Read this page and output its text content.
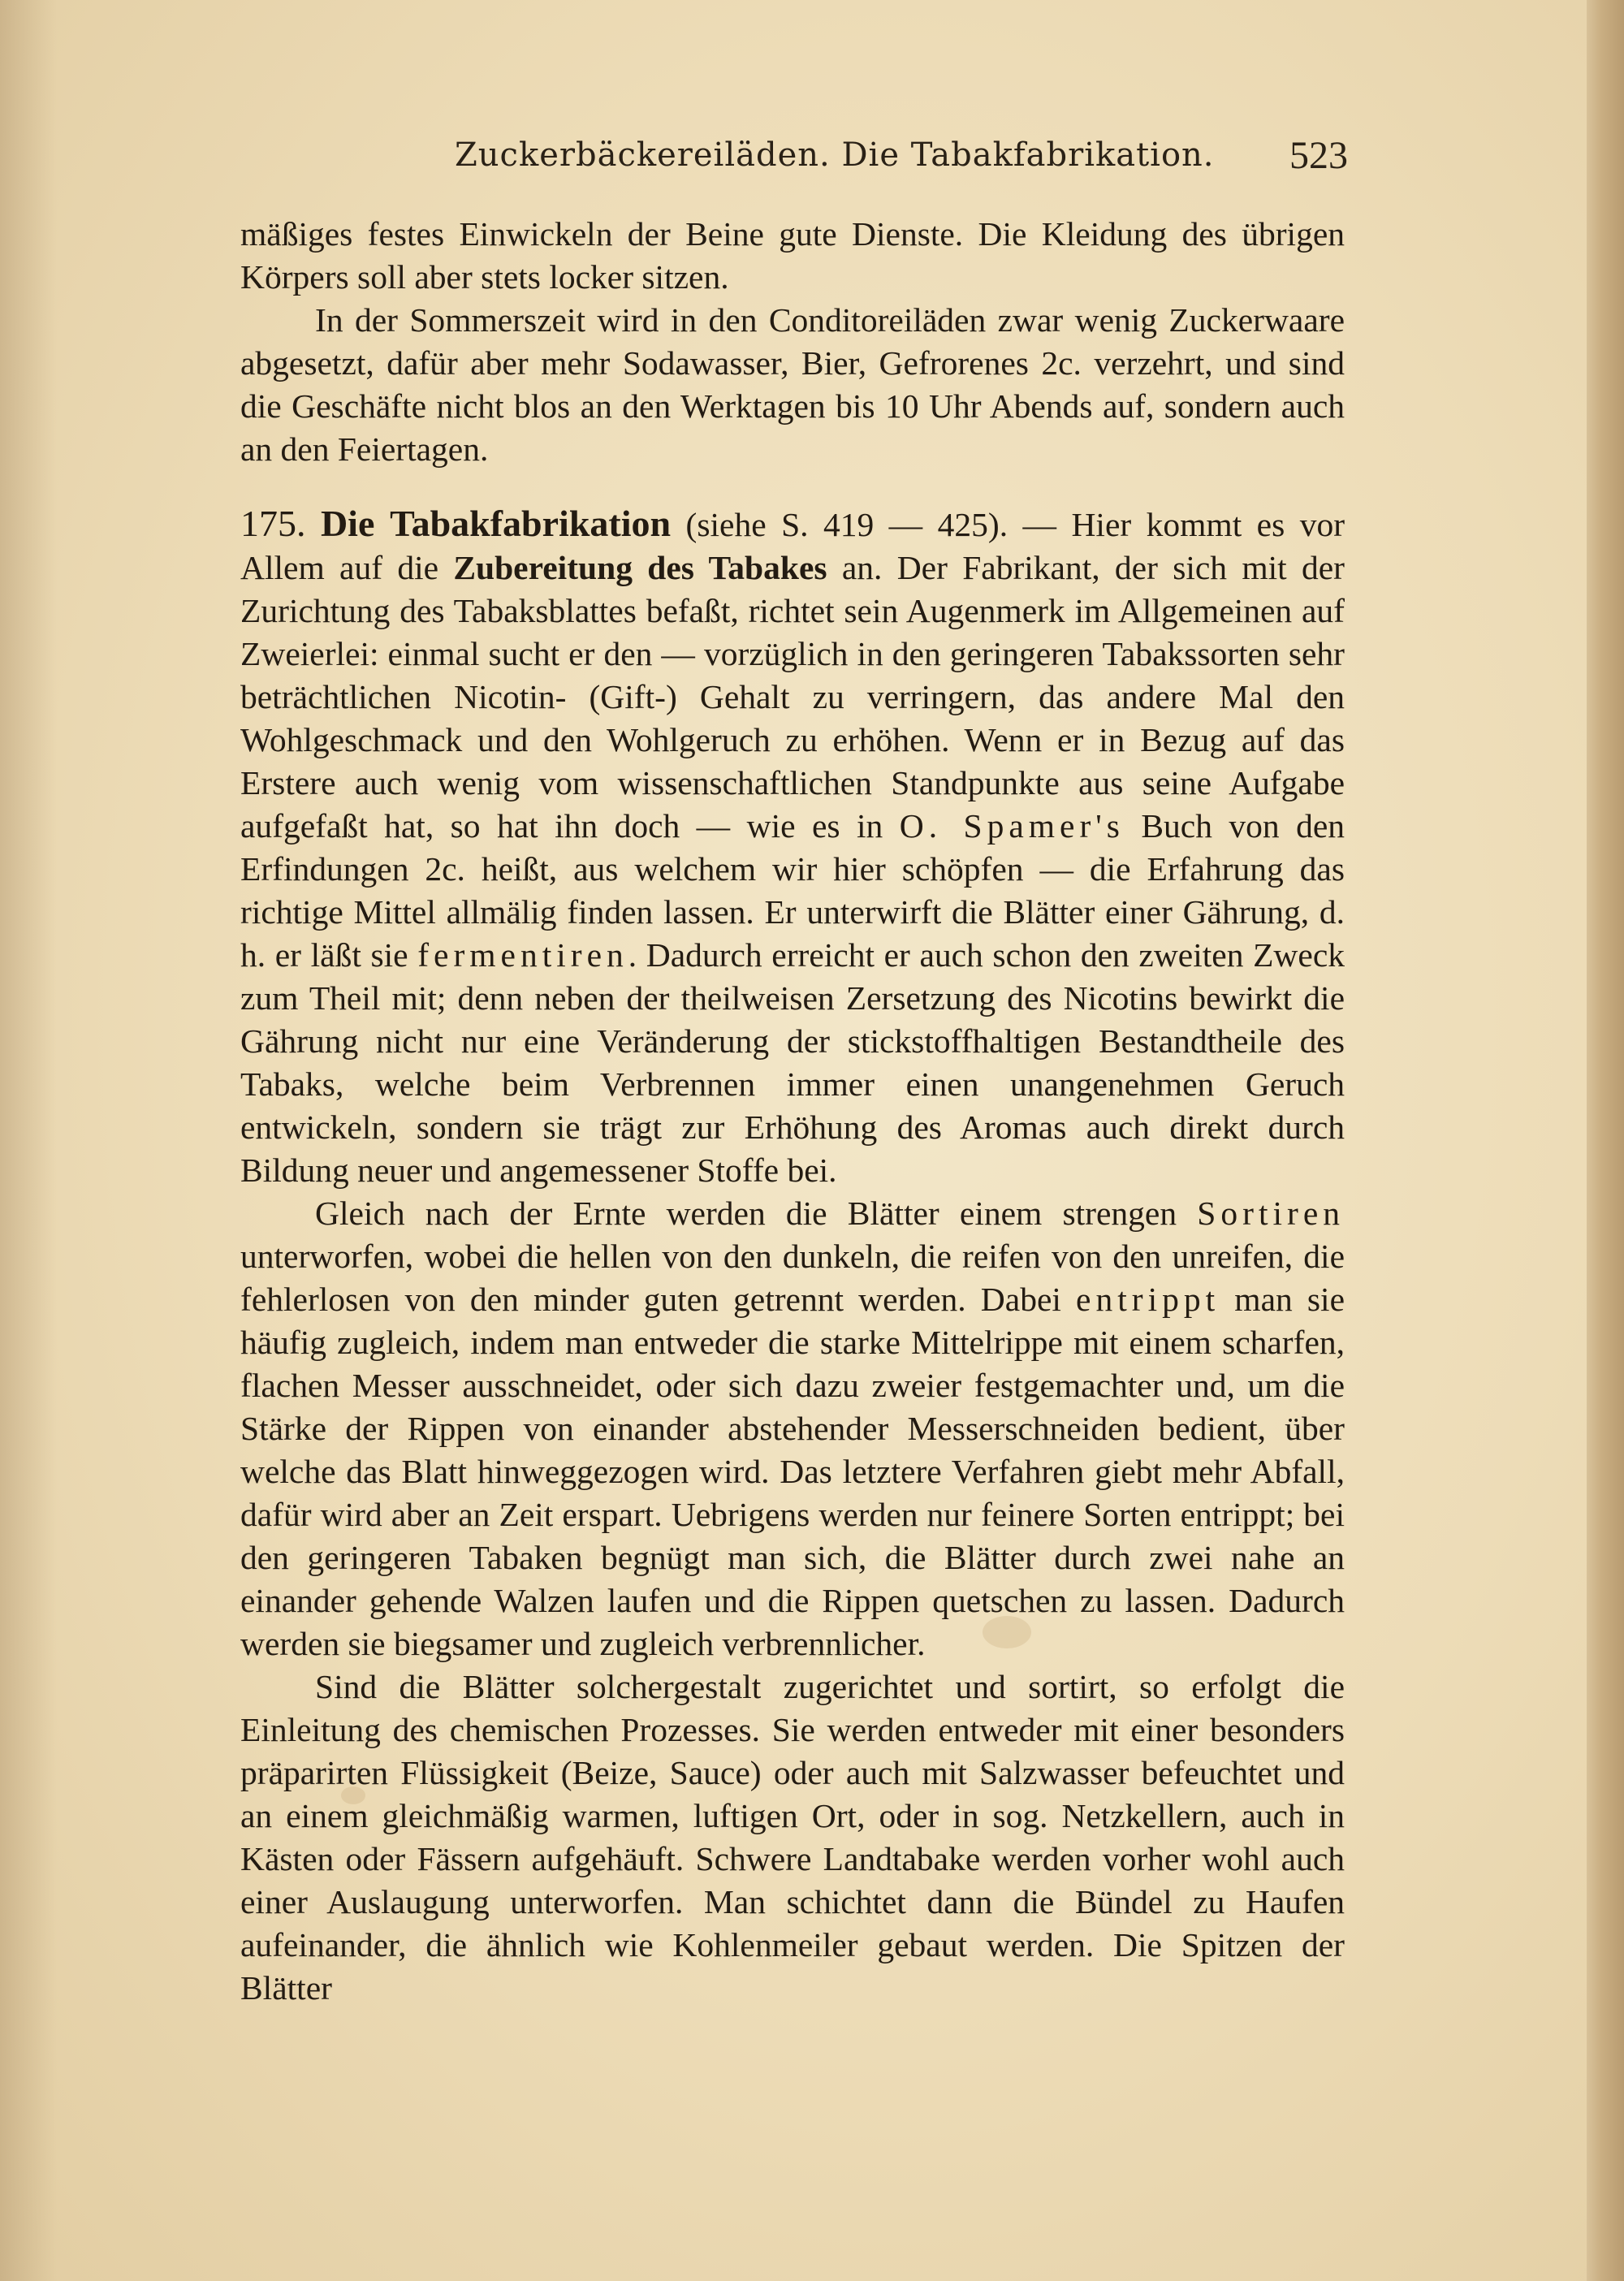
Zuckerbäckereiläden. Die Tabakfabrikation. 523

mäßiges festes Einwickeln der Beine gute Dienste. Die Kleidung des übrigen Körpers soll aber stets locker sitzen.

In der Sommerszeit wird in den Conditoreiläden zwar wenig Zuckerwaare abgesetzt, dafür aber mehr Sodawasser, Bier, Gefrorenes 2c. verzehrt, und sind die Geschäfte nicht blos an den Werktagen bis 10 Uhr Abends auf, sondern auch an den Feiertagen.

175. Die Tabakfabrikation (siehe S. 419 — 425). — Hier kommt es vor Allem auf die Zubereitung des Tabakes an. Der Fabrikant, der sich mit der Zurichtung des Tabaksblattes befaßt, richtet sein Augenmerk im Allgemeinen auf Zweierlei: einmal sucht er den — vorzüglich in den geringeren Tabakssorten sehr beträchtlichen Nicotin- (Gift-) Gehalt zu verringern, das andere Mal den Wohlgeschmack und den Wohlgeruch zu erhöhen. Wenn er in Bezug auf das Erstere auch wenig vom wissenschaftlichen Standpunkte aus seine Aufgabe aufgefaßt hat, so hat ihn doch — wie es in O. Spamer's Buch von den Erfindungen 2c. heißt, aus welchem wir hier schöpfen — die Erfahrung das richtige Mittel allmälig finden lassen. Er unterwirft die Blätter einer Gährung, d. h. er läßt sie fermentiren. Dadurch erreicht er auch schon den zweiten Zweck zum Theil mit; denn neben der theilweisen Zersetzung des Nicotins bewirkt die Gährung nicht nur eine Veränderung der stickstoffhaltigen Bestandtheile des Tabaks, welche beim Verbrennen immer einen unangenehmen Geruch entwickeln, sondern sie trägt zur Erhöhung des Aromas auch direkt durch Bildung neuer und angemessener Stoffe bei.

Gleich nach der Ernte werden die Blätter einem strengen Sortiren unterworfen, wobei die hellen von den dunkeln, die reifen von den unreifen, die fehlerlosen von den minder guten getrennt werden. Dabei entrippt man sie häufig zugleich, indem man entweder die starke Mittelrippe mit einem scharfen, flachen Messer ausschneidet, oder sich dazu zweier festgemachter und, um die Stärke der Rippen von einander abstehender Messerschneiden bedient, über welche das Blatt hinweggezogen wird. Das letztere Verfahren giebt mehr Abfall, dafür wird aber an Zeit erspart. Uebrigens werden nur feinere Sorten entrippt; bei den geringeren Tabaken begnügt man sich, die Blätter durch zwei nahe an einander gehende Walzen laufen und die Rippen quetschen zu lassen. Dadurch werden sie biegsamer und zugleich verbrennlicher.

Sind die Blätter solchergestalt zugerichtet und sortirt, so erfolgt die Einleitung des chemischen Prozesses. Sie werden entweder mit einer besonders präparirten Flüssigkeit (Beize, Sauce) oder auch mit Salzwasser befeuchtet und an einem gleichmäßig warmen, luftigen Ort, oder in sog. Netzkellern, auch in Kästen oder Fässern aufgehäuft. Schwere Landtabake werden vorher wohl auch einer Auslaugung unterworfen. Man schichtet dann die Bündel zu Haufen aufeinander, die ähnlich wie Kohlenmeiler gebaut werden. Die Spitzen der Blätter
